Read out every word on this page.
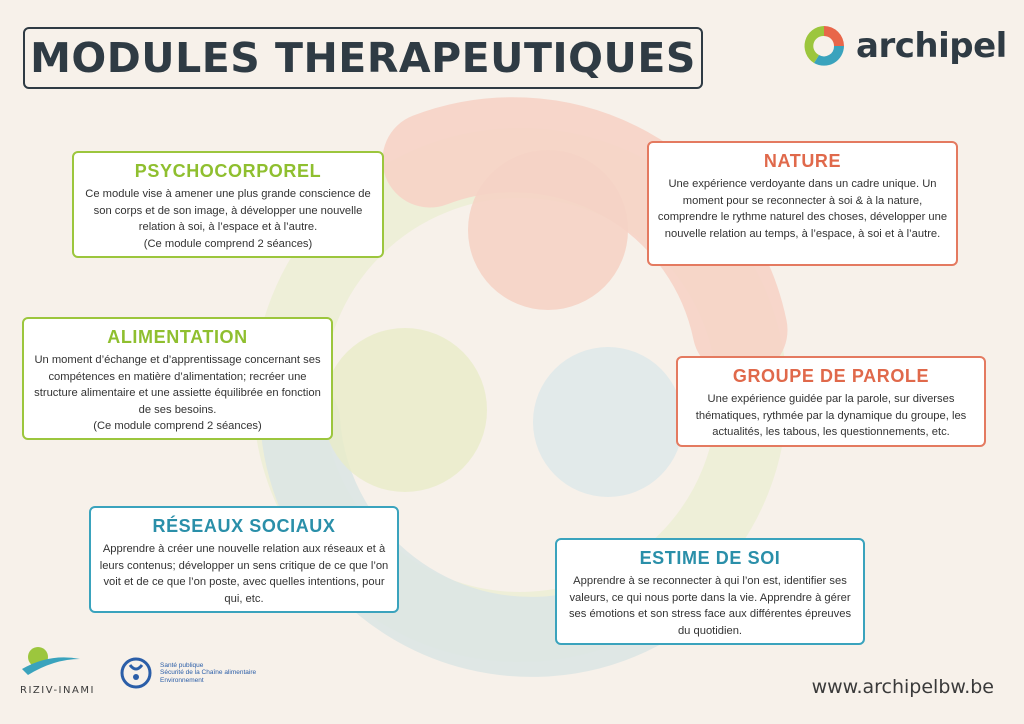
MODULES THERAPEUTIQUES	archipel
PSYCHOCORPOREL

Ce module vise à amener une plus grande conscience de son corps et de son image, à développer une nouvelle relation à soi, à l’espace et à l’autre.

(Ce module comprend 2 séances)

NATURE

Une expérience verdoyante dans un cadre unique. Un moment pour se reconnecter à soi & à la nature, comprendre le rythme naturel des choses, développer une nouvelle relation au temps, à l’espace, à soi et à l’autre.

ALIMENTATION

Un moment d’échange et d’apprentissage concernant ses compétences en matière d’alimentation; recréer une structure alimentaire et une assiette équilibrée en fonction de ses besoins.

(Ce module comprend 2 séances)

GROUPE DE PAROLE

Une expérience guidée par la parole, sur diverses thématiques, rythmée par la dynamique du groupe, les actualités, les tabous, les questionnements, etc.

RÉSEAUX SOCIAUX

Apprendre à créer une nouvelle relation aux réseaux et à leurs contenus; développer un sens critique de ce que l’on voit et de ce que l’on poste, avec quelles intentions, pour qui, etc.

ESTIME DE SOI

Apprendre à se reconnecter à qui l’on est, identifier ses valeurs, ce qui nous porte dans la vie. Apprendre à gérer ses émotions et son stress face aux différentes épreuves du quotidien.

RIZIV-INAMI
Santé publique
Sécurité de la Chaîne alimentaire
Environnement	www.archipelbw.be
